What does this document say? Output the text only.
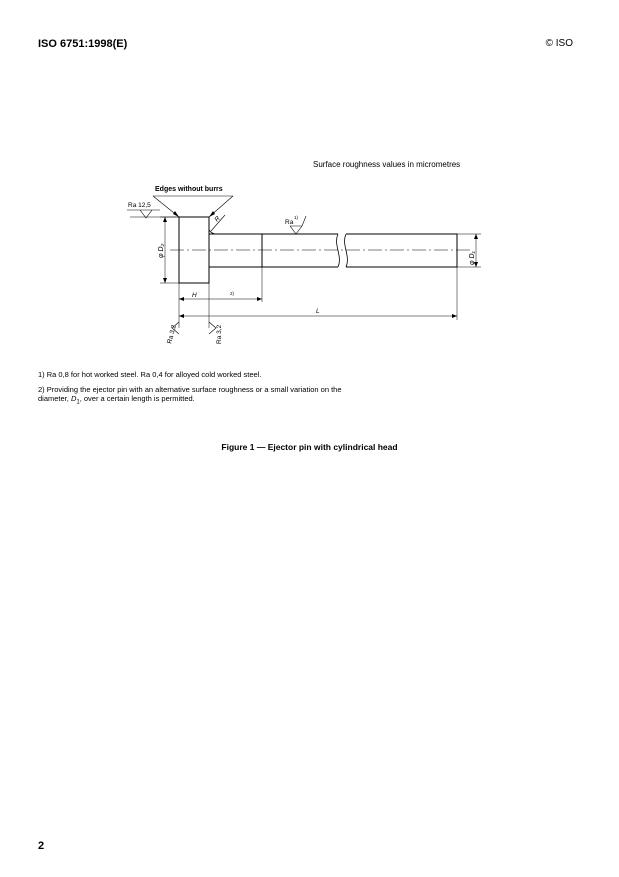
ISO 6751:1998(E)	© ISO
Surface roughness values in micrometres
Edges without burrs
Ra 12,5
R	Ra
1)
φ D₂
φ D₁
H	2)
L
Ra 3,2	Ra 3,2
1) Ra 0,8 for hot worked steel. Ra 0,4 for alloyed cold worked steel.
2) Providing the ejector pin with an alternative surface roughness or a small variation on the diameter, $D_1$, over a certain length is permitted.
Figure 1 — Ejector pin with cylindrical head
2
